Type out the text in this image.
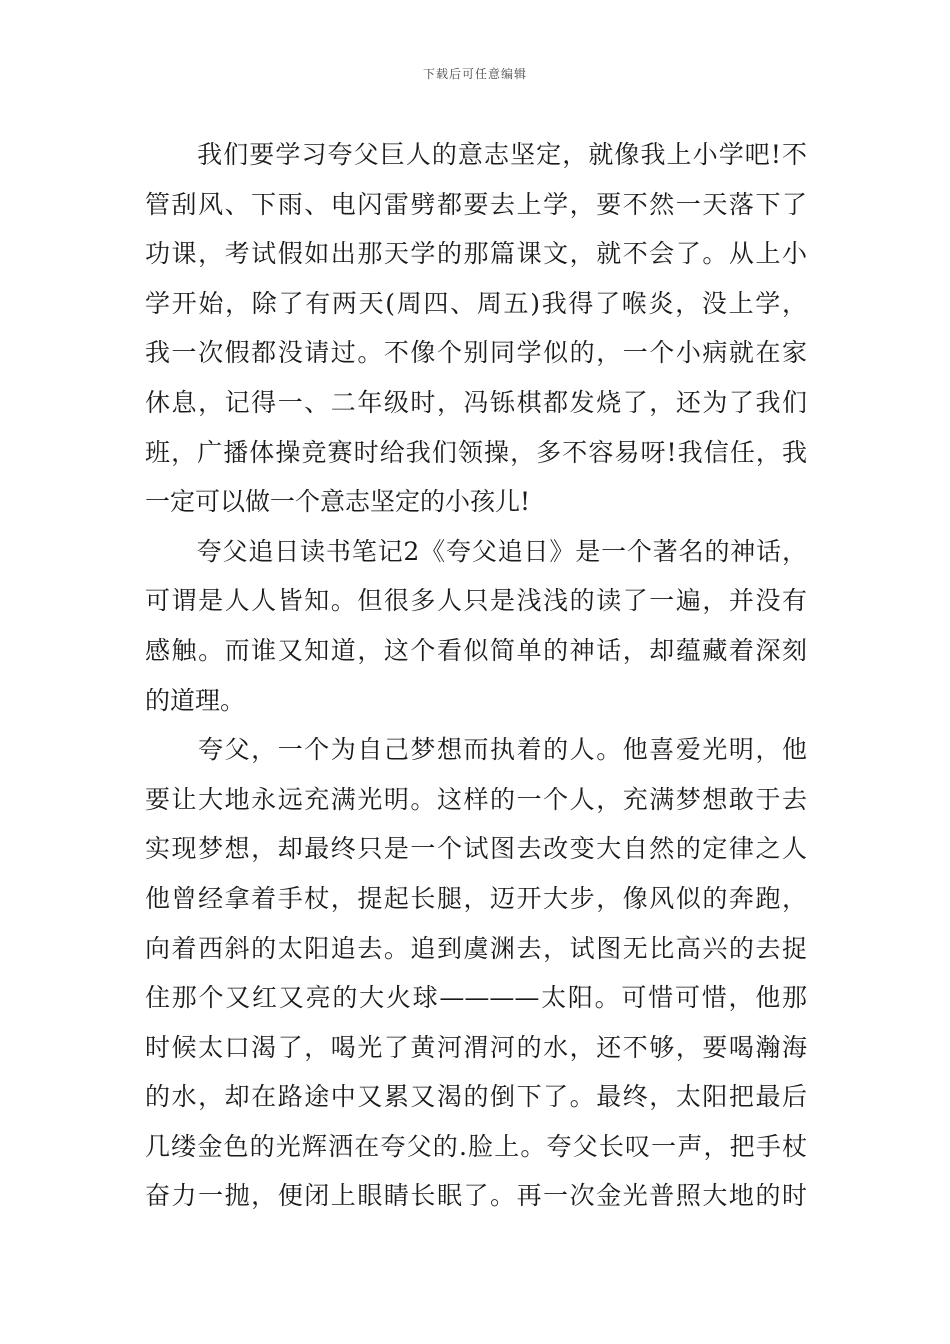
下载后可任意编辑
　　我们要学习夸父巨人的意志坚定，就像我上小学吧!不
管刮风、下雨、电闪雷劈都要去上学，要不然一天落下了
功课，考试假如出那天学的那篇课文，就不会了。从上小
学开始，除了有两天(周四、周五)我得了喉炎，没上学，
我一次假都没请过。不像个别同学似的，一个小病就在家
休息，记得一、二年级时，冯铄棋都发烧了，还为了我们
班，广播体操竞赛时给我们领操，多不容易呀!我信任，我
一定可以做一个意志坚定的小孩儿!
　　夸父追日读书笔记2《夸父追日》是一个著名的神话，
可谓是人人皆知。但很多人只是浅浅的读了一遍，并没有
感触。而谁又知道，这个看似简单的神话，却蕴藏着深刻
的道理。
　　夸父，一个为自己梦想而执着的人。他喜爱光明，他
要让大地永远充满光明。这样的一个人，充满梦想敢于去
实现梦想，却最终只是一个试图去改变大自然的定律之人
他曾经拿着手杖，提起长腿，迈开大步，像风似的奔跑，
向着西斜的太阳追去。追到虞渊去，试图无比高兴的去捉
住那个又红又亮的大火球————太阳。可惜可惜，他那
时候太口渴了，喝光了黄河渭河的水，还不够，要喝瀚海
的水，却在路途中又累又渴的倒下了。最终，太阳把最后
几缕金色的光辉洒在夸父的.脸上。夸父长叹一声，把手杖
奋力一抛，便闭上眼睛长眠了。再一次金光普照大地的时
